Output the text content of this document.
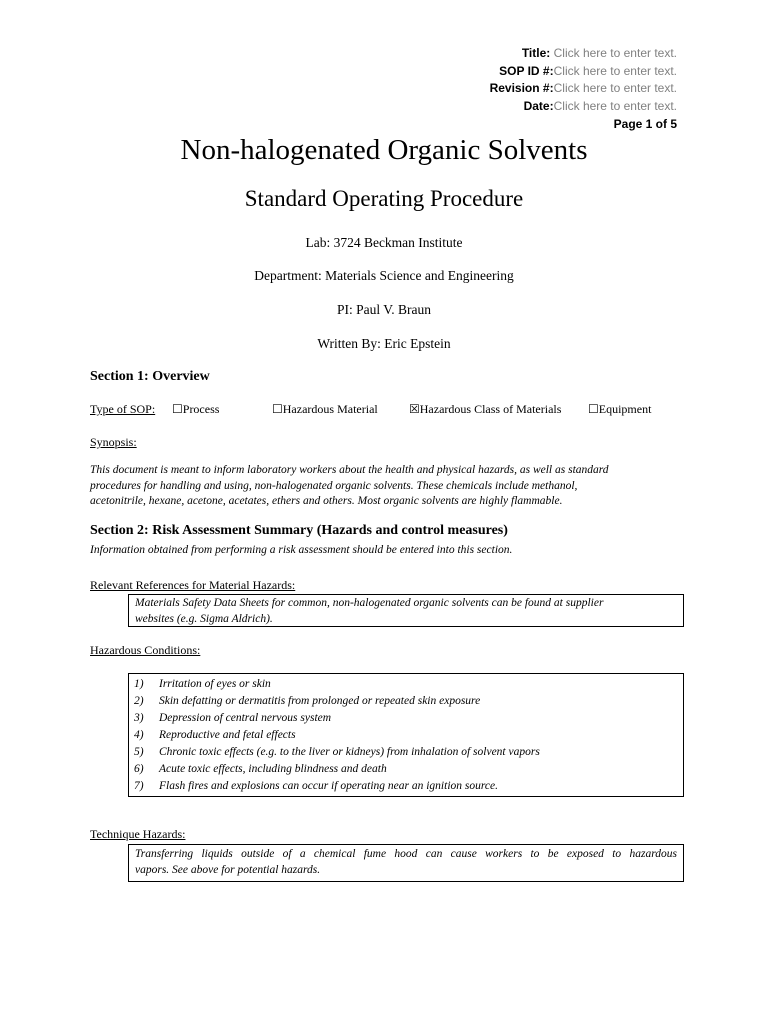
Title: Click here to enter text.
SOP ID #:Click here to enter text.
Revision #:Click here to enter text.
Date:Click here to enter text.
Page 1 of 5
Non-halogenated Organic Solvents
Standard Operating Procedure
Lab: 3724 Beckman Institute
Department: Materials Science and Engineering
PI: Paul V. Braun
Written By: Eric Epstein
Section 1: Overview
Type of SOP: ☐Process	☐Hazardous Material	☒Hazardous Class of Materials ☐Equipment
Synopsis:
This document is meant to inform laboratory workers about the health and physical hazards, as well as standard
procedures for handling and using, non-halogenated organic solvents. These chemicals include methanol,
acetonitrile, hexane, acetone, acetates, ethers and others. Most organic solvents are highly flammable.
Section 2: Risk Assessment Summary (Hazards and control measures)
Information obtained from performing a risk assessment should be entered into this section.
Relevant References for Material Hazards:
Materials Safety Data Sheets for common, non-halogenated organic solvents can be found at supplier
websites (e.g. Sigma Aldrich).
Hazardous Conditions:
1) Irritation of eyes or skin
2) Skin defatting or dermatitis from prolonged or repeated skin exposure
3) Depression of central nervous system
4) Reproductive and fetal effects
5) Chronic toxic effects (e.g. to the liver or kidneys) from inhalation of solvent vapors
6) Acute toxic effects, including blindness and death
7) Flash fires and explosions can occur if operating near an ignition source.
Technique Hazards:
Transferring liquids outside of a chemical fume hood can cause workers to be exposed to hazardous
vapors. See above for potential hazards.
